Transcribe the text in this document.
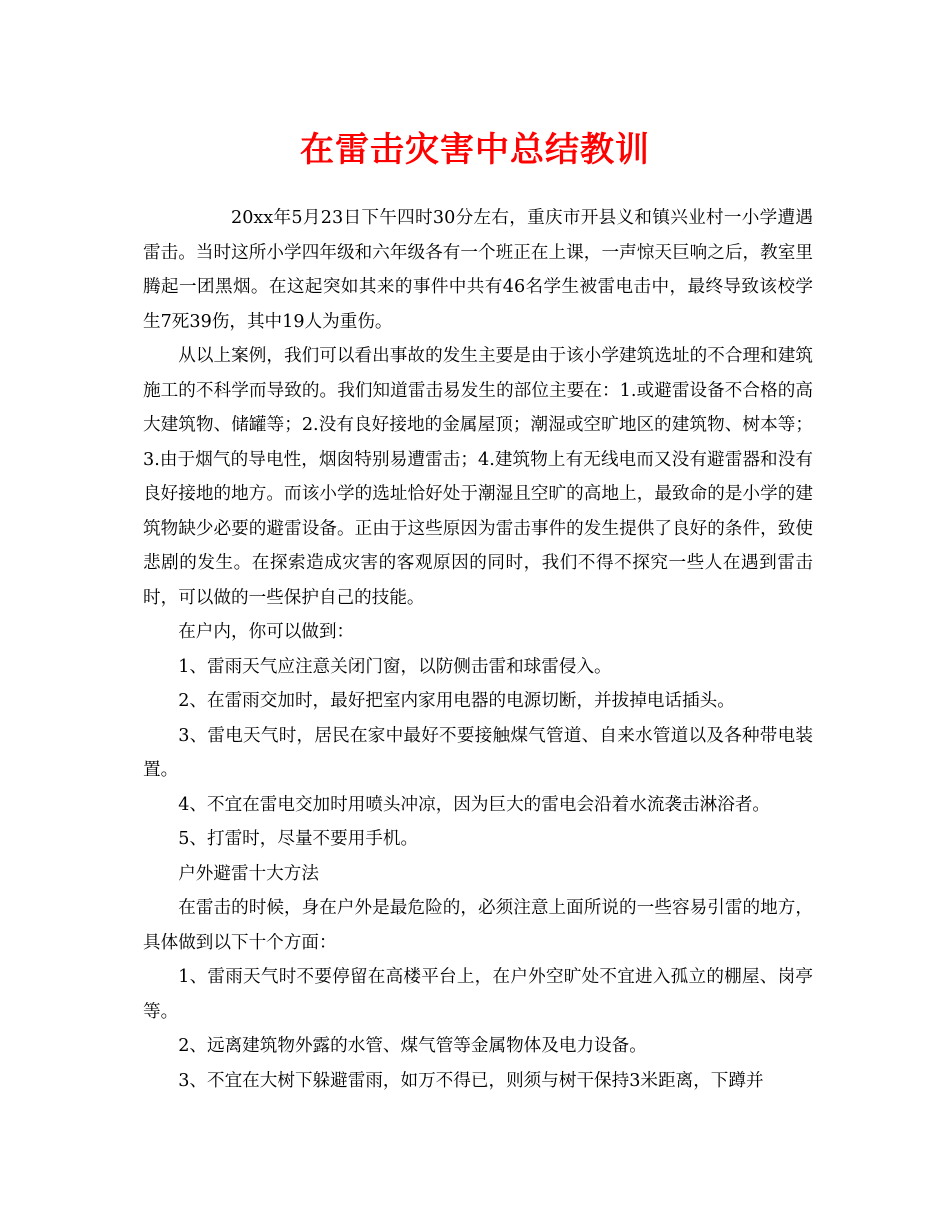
在雷击灾害中总结教训

20xx年5月23日下午四时30分左右，重庆市开县义和镇兴业村一小学遭遇雷击。当时这所小学四年级和六年级各有一个班正在上课，一声惊天巨响之后，教室里腾起一团黑烟。在这起突如其来的事件中共有46名学生被雷电击中，最终导致该校学生7死39伤，其中19人为重伤。

从以上案例，我们可以看出事故的发生主要是由于该小学建筑选址的不合理和建筑施工的不科学而导致的。我们知道雷击易发生的部位主要在：1.或避雷设备不合格的高大建筑物、储罐等；2.没有良好接地的金属屋顶；潮湿或空旷地区的建筑物、树本等；3.由于烟气的导电性，烟囱特别易遭雷击；4.建筑物上有无线电而又没有避雷器和没有良好接地的地方。而该小学的选址恰好处于潮湿且空旷的高地上，最致命的是小学的建筑物缺少必要的避雷设备。正由于这些原因为雷击事件的发生提供了良好的条件，致使悲剧的发生。在探索造成灾害的客观原因的同时，我们不得不探究一些人在遇到雷击时，可以做的一些保护自己的技能。

在户内，你可以做到：

1、雷雨天气应注意关闭门窗，以防侧击雷和球雷侵入。

2、在雷雨交加时，最好把室内家用电器的电源切断，并拔掉电话插头。

3、雷电天气时，居民在家中最好不要接触煤气管道、自来水管道以及各种带电装置。

4、不宜在雷电交加时用喷头冲凉，因为巨大的雷电会沿着水流袭击淋浴者。

5、打雷时，尽量不要用手机。

户外避雷十大方法

在雷击的时候，身在户外是最危险的，必须注意上面所说的一些容易引雷的地方，具体做到以下十个方面：

1、雷雨天气时不要停留在高楼平台上，在户外空旷处不宜进入孤立的棚屋、岗亭等。

2、远离建筑物外露的水管、煤气管等金属物体及电力设备。

3、不宜在大树下躲避雷雨，如万不得已，则须与树干保持3米距离，下蹲并
